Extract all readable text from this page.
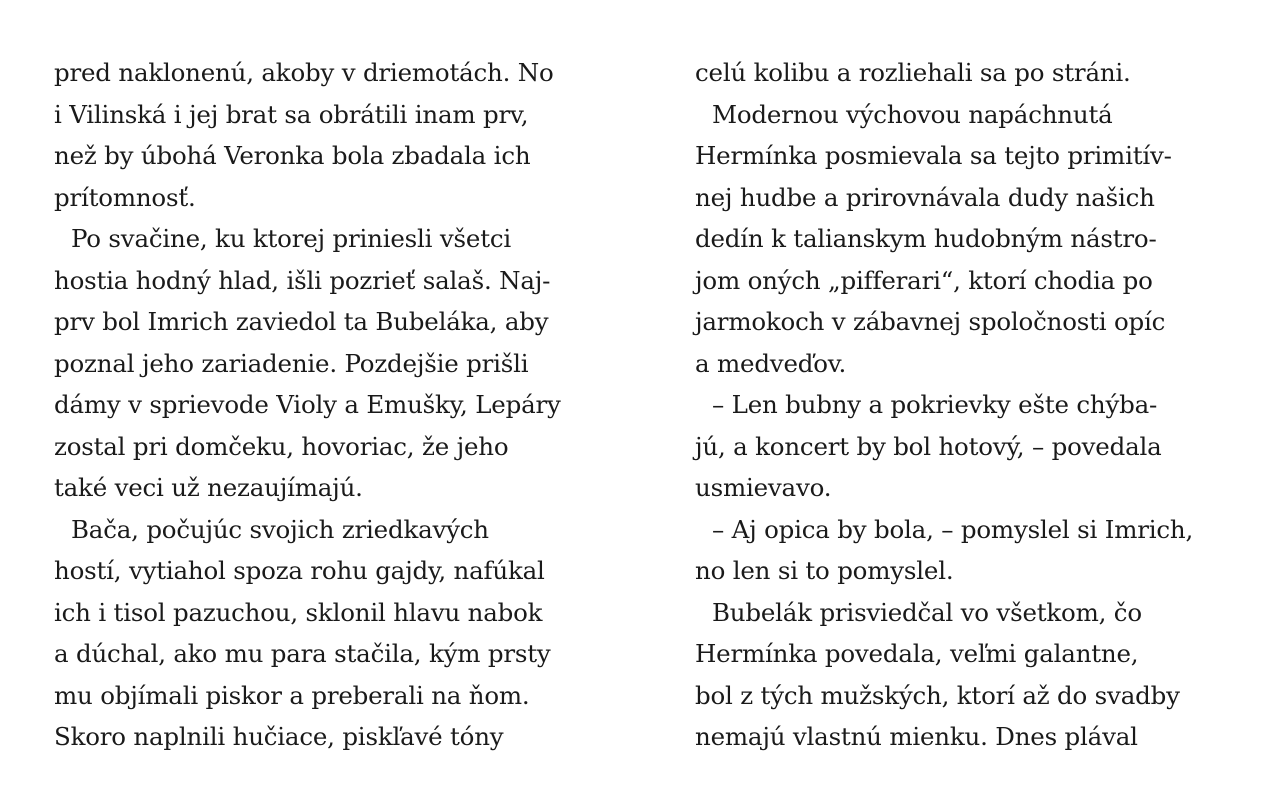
pred naklonenú, akoby v driemotách. No
i Vilinská i jej brat sa obrátili inam prv,
než by úbohá Veronka bola zbadala ich
prítomnosť.
Po svačine, ku ktorej priniesli všetci
hostia hodný hlad, išli pozrieť salaš. Naj-
prv bol Imrich zaviedol ta Bubeláka, aby
poznal jeho zariadenie. Pozdejšie prišli
dámy v sprievode Violy a Emušky, Lepáry
zostal pri domčeku, hovoriac, že jeho
také veci už nezaujímajú.
Bača, počujúc svojich zriedkavých
hostí, vytiahol spoza rohu gajdy, nafúkal
ich i tisol pazuchou, sklonil hlavu nabok
a dúchal, ako mu para stačila, kým prsty
mu objímali piskor a preberali na ňom.
Skoro naplnili hučiace, piskľavé tóny
celú kolibu a rozliehali sa po stráni.
Modernou výchovou napáchnutá
Hermínka posmievala sa tejto primitív-
nej hudbe a prirovnávala dudy našich
dedín k talianskym hudobným nástro-
jom oných „pifferari“, ktorí chodia po
jarmokoch v zábavnej spoločnosti opíc
a medveďov.
– Len bubny a pokrievky ešte chýba-
jú, a koncert by bol hotový, – povedala
usmievavo.
– Aj opica by bola, – pomyslel si Imrich,
no len si to pomyslel.
Bubelák prisviedčal vo všetkom, čo
Hermínka povedala, veľmi galantne,
bol z tých mužských, ktorí až do svadby
nemajú vlastnú mienku. Dnes plával
